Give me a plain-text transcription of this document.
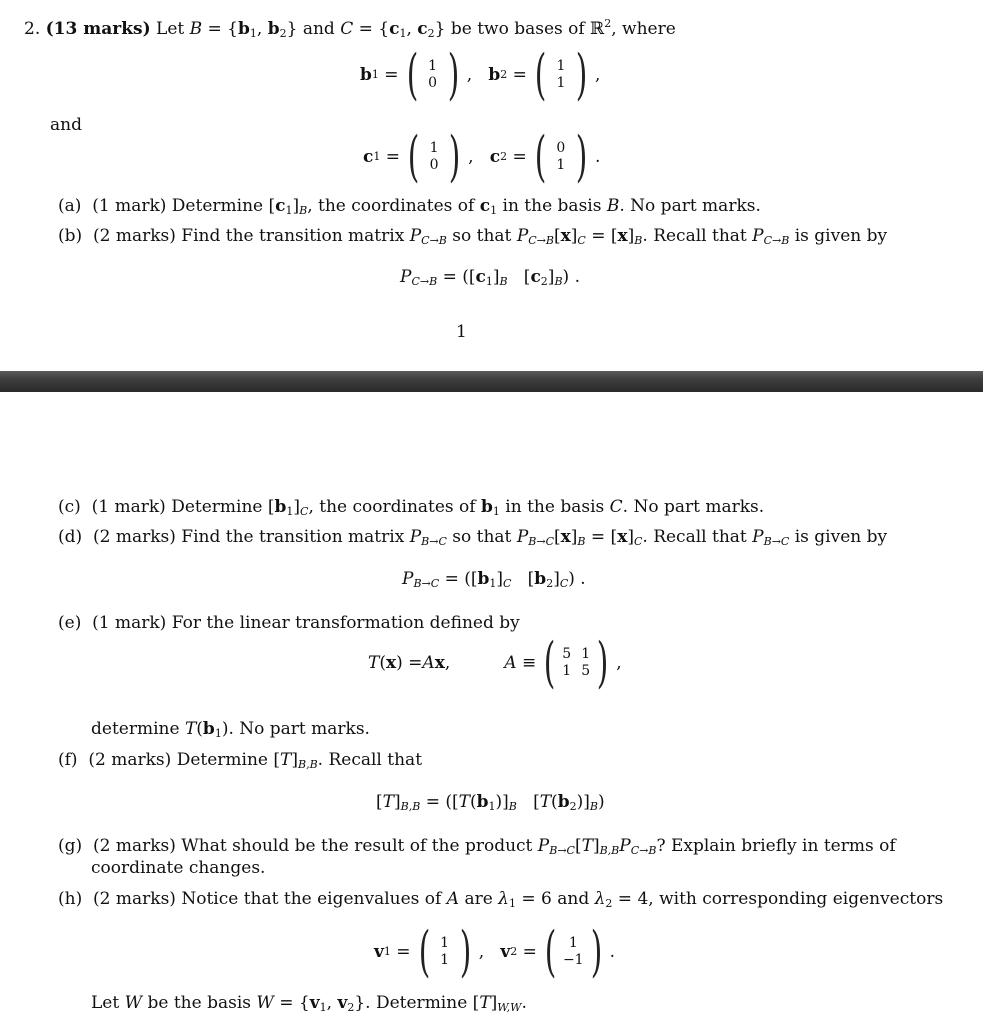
2. (13 marks) Let $B = \{b_1$, $b_2$} and $C = \{c_1$, $c_2$} be two bases of ℝ$^2$, where
b 1 = ( 1
0 ) , b 2 = ( 1
1 ) ,
and
c 1 = ( 1
0 ) , c 2 = ( 0
1 ) .
(a) (1 mark) Determine $[c_1]_B$, the coordinates of $c_1$ in the basis B. No part marks.
(b) (2 marks) Find the transition matrix $P_{C\to B}$ so that $P_{C\to B}[x]_C = [x]_B$. Recall that $P_{C\to B}$ is given by
$P_{C\to B} = ([c_1]_B$   $[c_2]_B$) .
1
(c) (1 mark) Determine $[b_1]_C$, the coordinates of $b_1$ in the basis C. No part marks.
(d) (2 marks) Find the transition matrix $P_{B\to C}$ so that $P_{B\to C}[x]_B = [x]_C$. Recall that $P_{B\to C}$ is given by
$P_{B\to C} = ([b_1]_C$   $[b_2]_C$) .
(e) (1 mark) For the linear transformation defined by
T ( x ) = A x , A ≡ ( 5 1
1 5 ) ,
determine $T(b_1)$. No part marks.
(f) (2 marks) Determine $[T]_{B,B}$. Recall that
$[T]_{B,B} = ([T(b_1)]_B$   $[T(b_2)]_B$)
(g) (2 marks) What should be the result of the product $P_{B\to C}[T]_{B,B}P_{C\to B}$? Explain briefly in terms of
coordinate changes.
(h) (2 marks) Notice that the eigenvalues of A are $\lambda_1 = 6$ and $\lambda_2 = 4$, with corresponding eigenvectors
v 1 = ( 1
1 ) , v 2 = ( 1
−1 ) .
Let W be the basis $W = \{v_1$, $v_2$}. Determine $[T]_{W,W}$.
